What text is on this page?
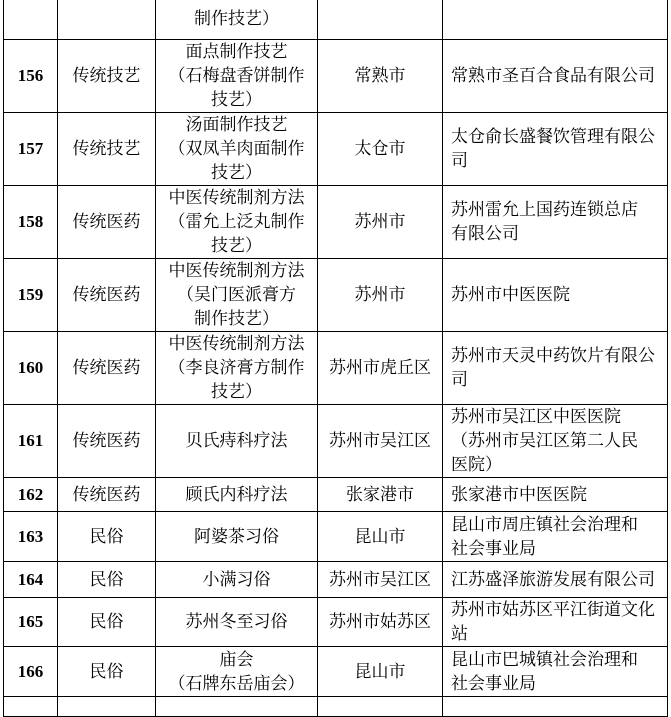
		制作技艺）		

156	传统技艺	面点制作技艺
（石梅盘香饼制作
技艺）	常熟市	常熟市圣百合食品有限公司

157	传统技艺	汤面制作技艺
（双凤羊肉面制作
技艺）	太仓市	太仓俞长盛餐饮管理有限公司

158	传统医药	中医传统制剂方法
（雷允上泛丸制作
技艺）	苏州市	苏州雷允上国药连锁总店
有限公司

159	传统医药	中医传统制剂方法
（吴门医派膏方
制作技艺）	苏州市	苏州市中医医院

160	传统医药	中医传统制剂方法
（李良济膏方制作
技艺）	苏州市虎丘区	苏州市天灵中药饮片有限公司

161	传统医药	贝氏痔科疗法	苏州市吴江区	苏州市吴江区中医医院
（苏州市吴江区第二人民
医院）

162	传统医药	顾氏内科疗法	张家港市	张家港市中医医院

163	民俗	阿婆茶习俗	昆山市	昆山市周庄镇社会治理和
社会事业局

164	民俗	小满习俗	苏州市吴江区	江苏盛泽旅游发展有限公司

165	民俗	苏州冬至习俗	苏州市姑苏区	苏州市姑苏区平江街道文化站

166	民俗	庙会
（石牌东岳庙会）	昆山市	昆山市巴城镇社会治理和
社会事业局
